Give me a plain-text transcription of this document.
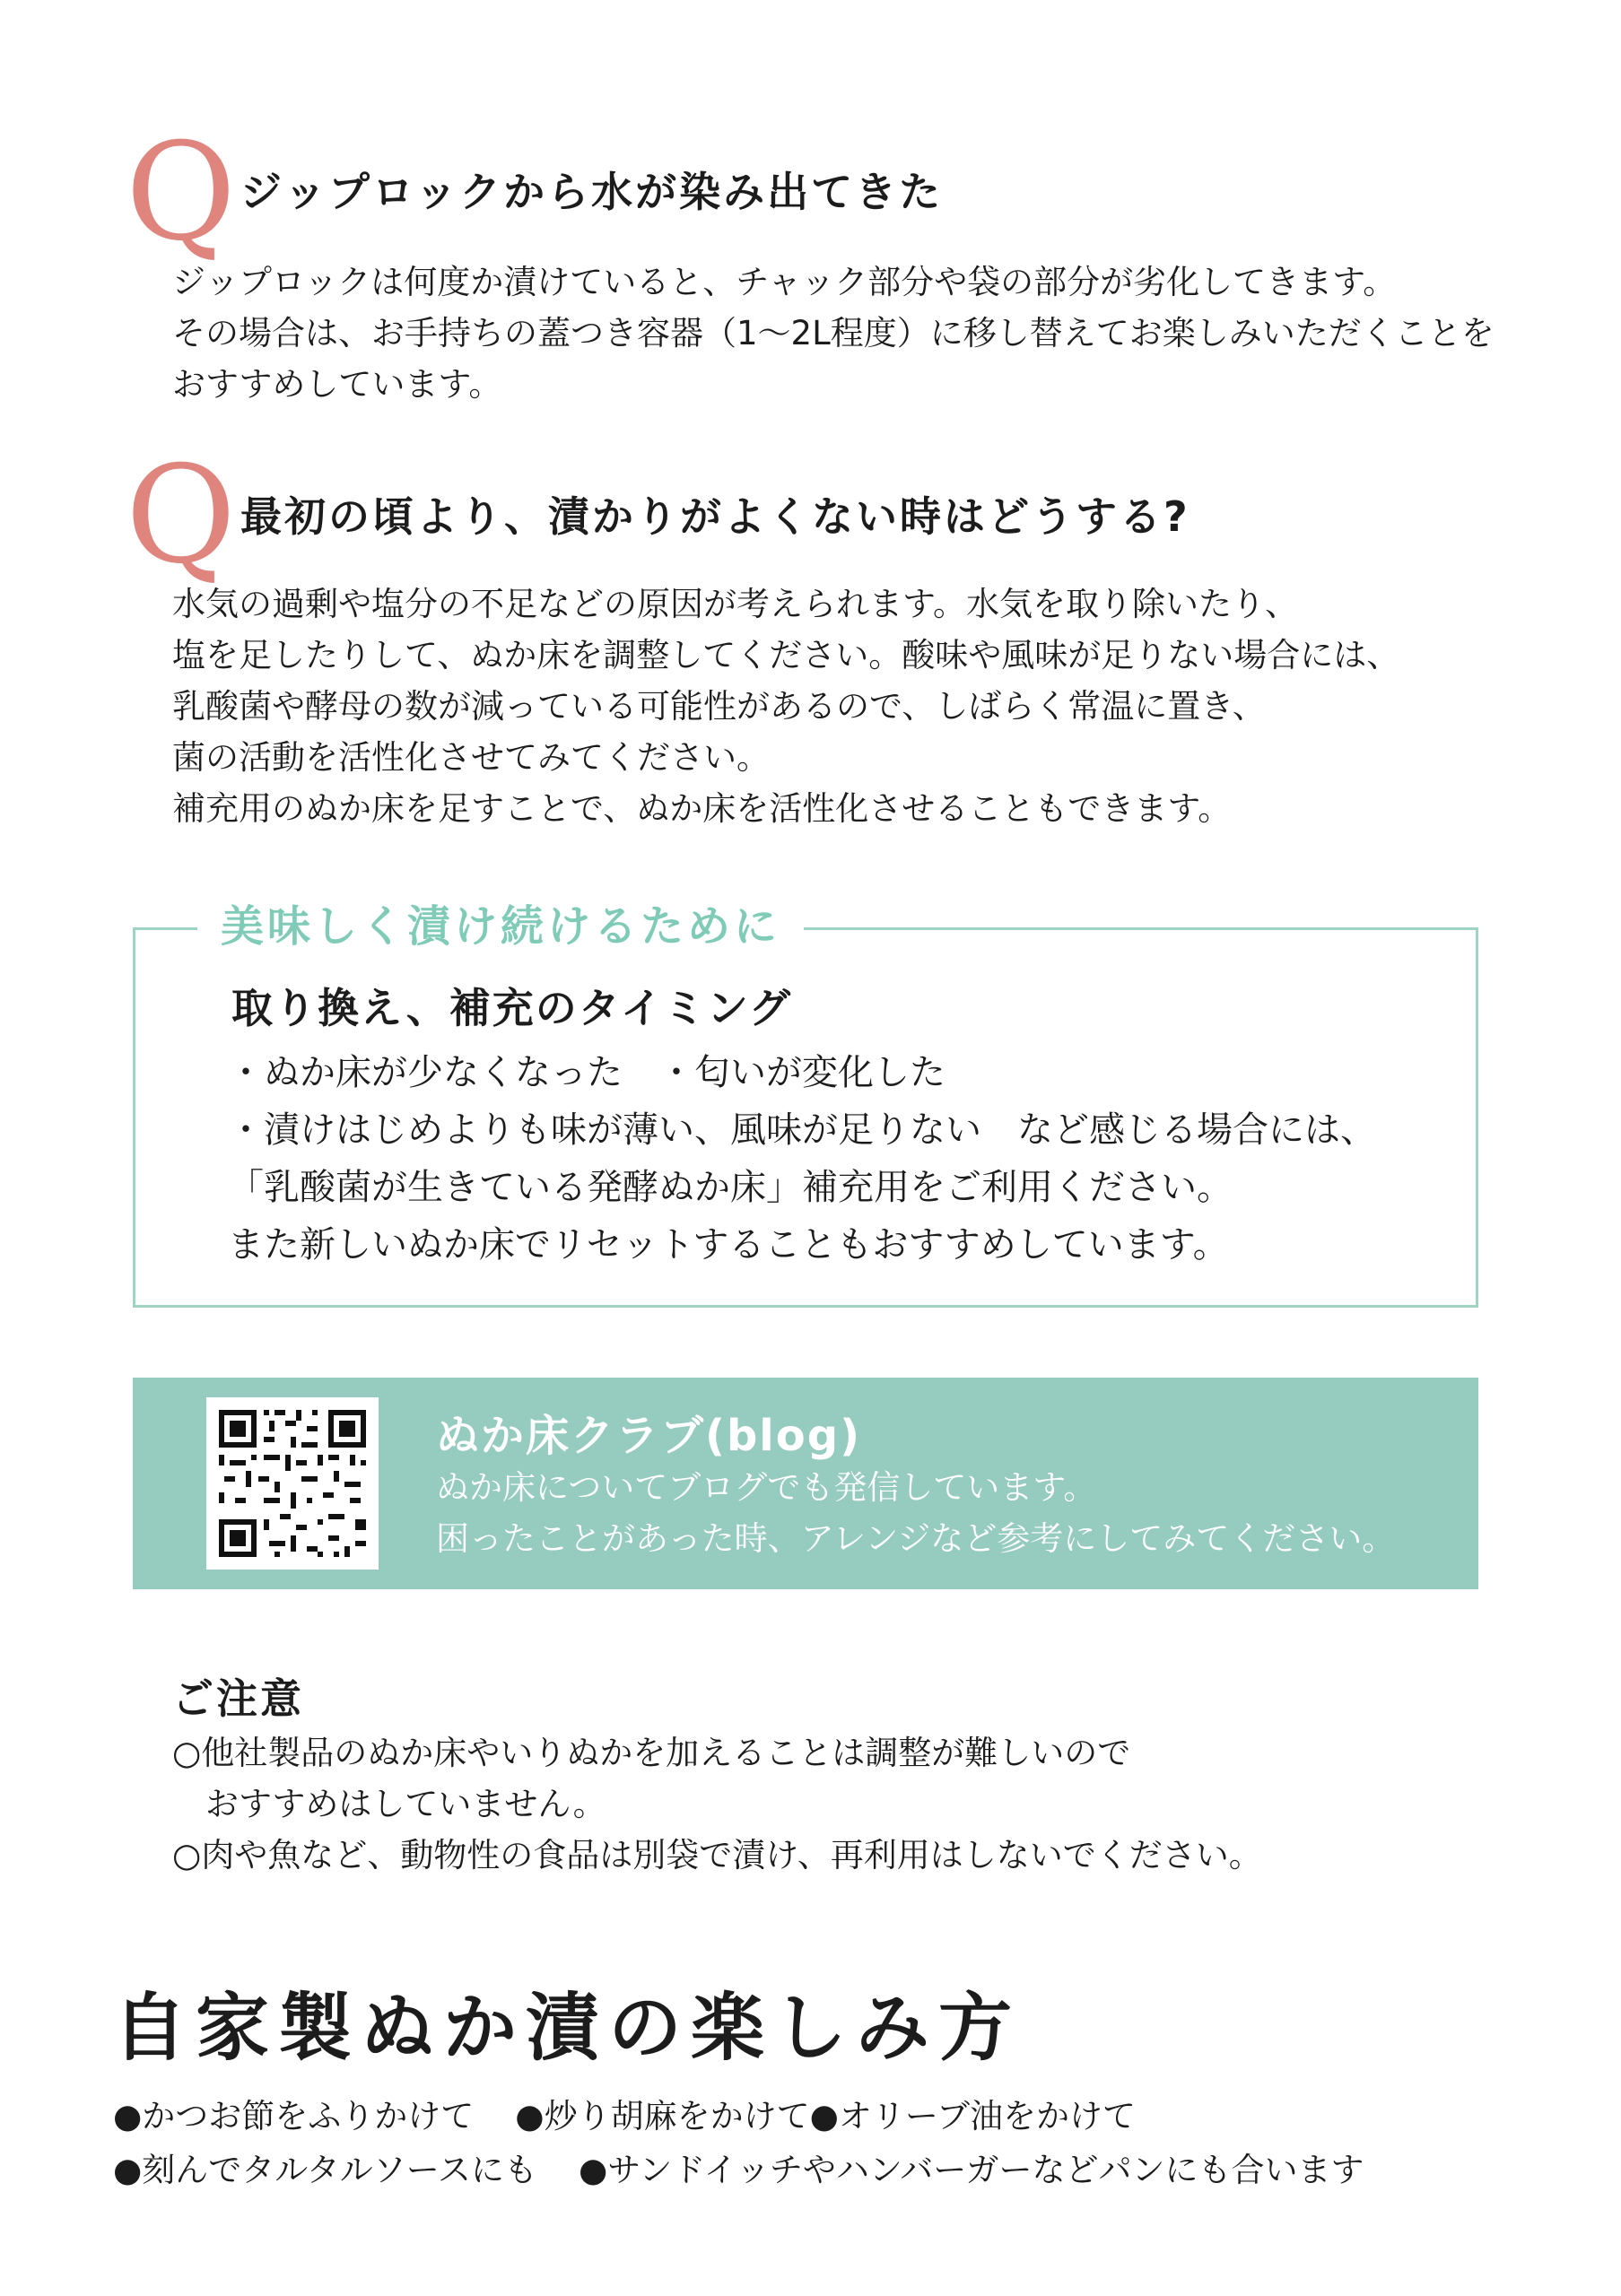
Q ジップロックから水が染み出てきた
ジップロックは何度か漬けていると、チャック部分や袋の部分が劣化してきます。
その場合は、お手持ちの蓋つき容器（1～2L程度）に移し替えてお楽しみいただくことを
おすすめしています。
Q 最初の頃より、漬かりがよくない時はどうする?
水気の過剰や塩分の不足などの原因が考えられます。水気を取り除いたり、
塩を足したりして、ぬか床を調整してください。酸味や風味が足りない場合には、
乳酸菌や酵母の数が減っている可能性があるので、しばらく常温に置き、
菌の活動を活性化させてみてください。
補充用のぬか床を足すことで、ぬか床を活性化させることもできます。
美味しく漬け続けるために
取り換え、補充のタイミング
・ぬか床が少なくなった　・匂いが変化した
・漬けはじめよりも味が薄い、風味が足りない　など感じる場合には、
「乳酸菌が生きている発酵ぬか床」補充用をご利用ください。
また新しいぬか床でリセットすることもおすすめしています。
ぬか床クラブ(blog)
ぬか床についてブログでも発信しています。
困ったことがあった時、アレンジなど参考にしてみてください。
ご注意
○他社製品のぬか床やいりぬかを加えることは調整が難しいので
　おすすめはしていません。
○肉や魚など、動物性の食品は別袋で漬け、再利用はしないでください。
自家製ぬか漬の楽しみ方
●かつお節をふりかけて ●炒り胡麻をかけて●オリーブ油をかけて
●刻んでタルタルソースにも ●サンドイッチやハンバーガーなどパンにも合います
